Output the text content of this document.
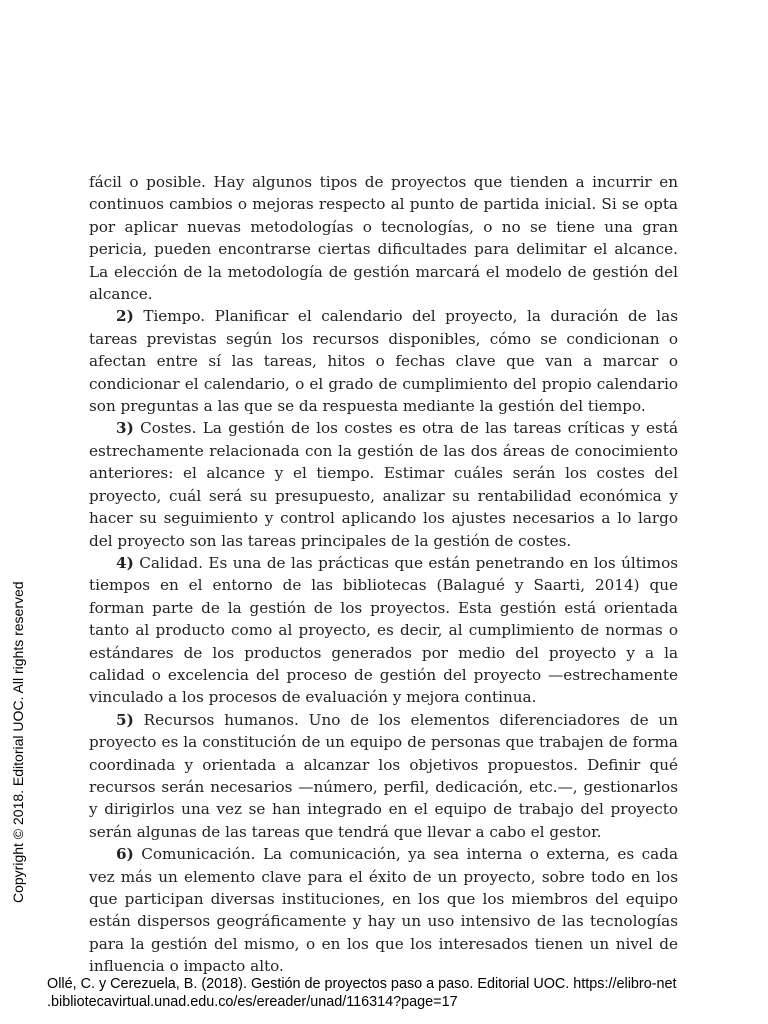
fácil o posible. Hay algunos tipos de proyectos que tienden a incurrir en continuos cambios o mejoras respecto al punto de partida inicial. Si se opta por aplicar nuevas metodologías o tecnologías, o no se tiene una gran pericia, pueden encontrarse ciertas dificultades para delimitar el alcance. La elección de la metodología de gestión marcará el modelo de gestión del alcance.

2) Tiempo. Planificar el calendario del proyecto, la duración de las tareas previstas según los recursos disponibles, cómo se condicionan o afectan entre sí las tareas, hitos o fechas clave que van a marcar o condicionar el calendario, o el grado de cumplimiento del propio calendario son preguntas a las que se da respuesta mediante la gestión del tiempo.

3) Costes. La gestión de los costes es otra de las tareas críticas y está estrechamente relacionada con la gestión de las dos áreas de conocimiento anteriores: el alcance y el tiempo. Estimar cuáles serán los costes del proyecto, cuál será su presupuesto, analizar su rentabilidad económica y hacer su seguimiento y control aplicando los ajustes necesarios a lo largo del proyecto son las tareas principales de la gestión de costes.

4) Calidad. Es una de las prácticas que están penetrando en los últimos tiempos en el entorno de las bibliotecas (Balagué y Saarti, 2014) que forman parte de la gestión de los proyectos. Esta gestión está orientada tanto al producto como al proyecto, es decir, al cumplimiento de normas o estándares de los productos generados por medio del proyecto y a la calidad o excelencia del proceso de gestión del proyecto —estrechamente vinculado a los procesos de evaluación y mejora continua.

5) Recursos humanos. Uno de los elementos diferenciadores de un proyecto es la constitución de un equipo de personas que trabajen de forma coordinada y orientada a alcanzar los objetivos propuestos. Definir qué recursos serán necesarios —número, perfil, dedicación, etc.—, gestionarlos y dirigirlos una vez se han integrado en el equipo de trabajo del proyecto serán algunas de las tareas que tendrá que llevar a cabo el gestor.

6) Comunicación. La comunicación, ya sea interna o externa, es cada vez más un elemento clave para el éxito de un proyecto, sobre todo en los que participan diversas instituciones, en los que los miembros del equipo están dispersos geográficamente y hay un uso intensivo de las tecnologías para la gestión del mismo, o en los que los interesados tienen un nivel de influencia o impacto alto.

Copyright © 2018. Editorial UOC. All rights reserved
Ollé, C. y Cerezuela, B. (2018). Gestión de proyectos paso a paso. Editorial UOC. https://elibro-net
.bibliotecavirtual.unad.edu.co/es/ereader/unad/116314?page=17
